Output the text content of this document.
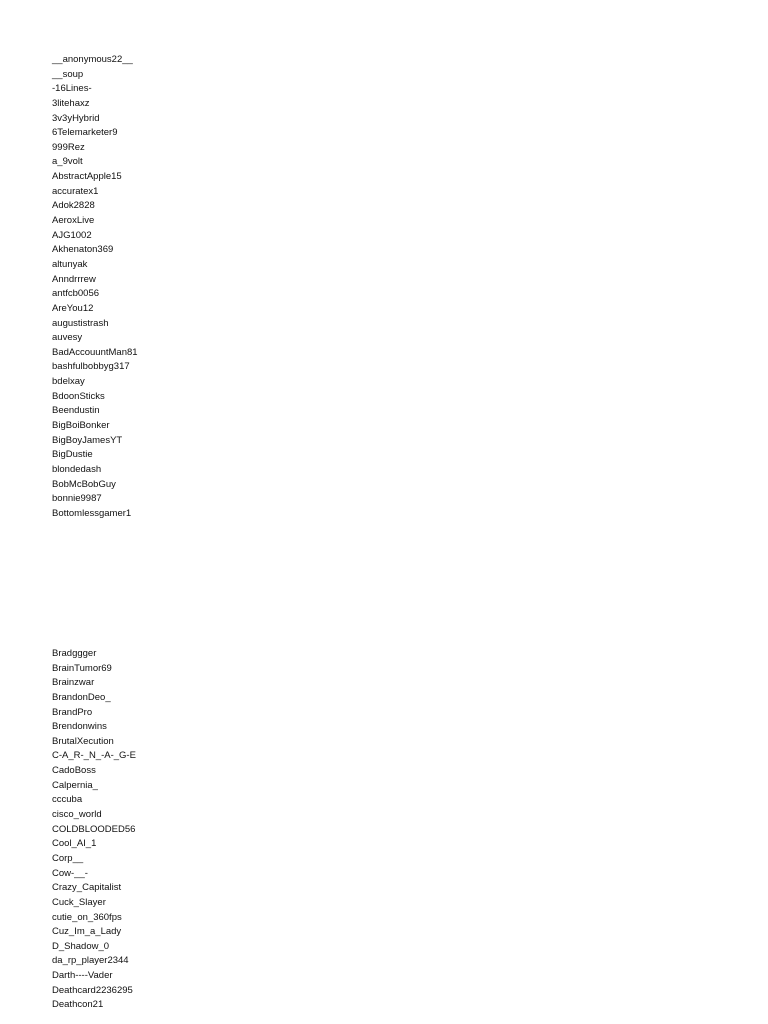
__anonymous22__
__soup
-16Lines-
3litehaxz
3v3yHybrid
6Telemarketer9
999Rez
a_9volt
AbstractApple15
accuratex1
Adok2828
AeroxLive
AJG1002
Akhenaton369
altunyak
Anndrrrew
antfcb0056
AreYou12
augustistrash
auvesy
BadAccouuntMan81
bashfulbobbyg317
bdelxay
BdoonSticks
Beendustin
BigBoiBonker
BigBoyJamesYT
BigDustie
blondedash
BobMcBobGuy
bonnie9987
Bottomlessgamer1
Bradggger
BrainTumor69
Brainzwar
BrandonDeo_
BrandPro
Brendonwins
BrutalXecution
C-A_R-_N_-A-_G-E
CadoBoss
Calpernia_
cccuba
cisco_world
COLDBLOODED56
Cool_AI_1
Corp__
Cow-__-
Crazy_Capitalist
Cuck_Slayer
cutie_on_360fps
Cuz_Im_a_Lady
D_Shadow_0
da_rp_player2344
Darth----Vader
Deathcard2236295
Deathcon21
